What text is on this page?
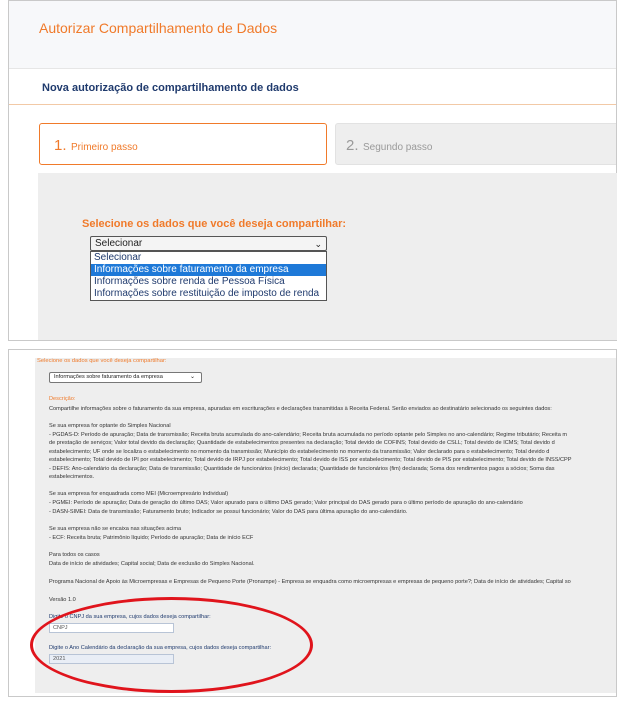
Autorizar Compartilhamento de Dados
Nova autorização de compartilhamento de dados
1. Primeiro passo	2. Segundo passo
Selecione os dados que você deseja compartilhar:
Selecionar	⌄
Selecionar
Informações sobre faturamento da empresa
Informações sobre renda de Pessoa Física
Informações sobre restituição de imposto de renda
Selecione os dados que você deseja compartilhar:
Informações sobre faturamento da empresa	⌄
Descrição:
Compartilhe informações sobre o faturamento da sua empresa, apuradas em escriturações e declarações transmitidas à Receita Federal. Serão enviados ao destinatário selecionado os seguintes dados:
Se sua empresa for optante do Simples Nacional
- PGDAS-D: Período de apuração; Data de transmissão; Receita bruta acumulada do ano-calendário; Receita bruta acumulada no período optante pelo Simples no ano-calendário; Regime tributário; Receita m
de prestação de serviços; Valor total devido da declaração; Quantidade de estabelecimentos presentes na declaração; Total devido de COFINS; Total devido de CSLL; Total devido de ICMS; Total devido d
estabelecimento; UF onde se localiza o estabelecimento no momento da transmissão; Município do estabelecimento no momento da transmissão; Valor declarado para o estabelecimento; Total devido d
estabelecimento; Total devido de IPI por estabelecimento; Total devido de IRPJ por estabelecimento; Total devido de ISS por estabelecimento; Total devido de PIS por estabelecimento; Total devido de INSS/CPP
- DEFIS: Ano-calendário da declaração; Data de transmissão; Quantidade de funcionários (início) declarada; Quantidade de funcionários (fim) declarada; Soma dos rendimentos pagos a sócios; Soma das
estabelecimentos.
Se sua empresa for enquadrada como MEI (Microempresário Individual)
- PGMEI: Período de apuração; Data de geração do último DAS; Valor apurado para o último DAS gerado; Valor principal do DAS gerado para o último período de apuração do ano-calendário
- DASN-SIMEI: Data de transmissão; Faturamento bruto; Indicador se possui funcionário; Valor do DAS para última apuração do ano-calendário.
Se sua empresa não se encaixa nas situações acima
- ECF: Receita bruta; Patrimônio líquido; Período de apuração; Data de início ECF
Para todos os casos
Data de início de atividades; Capital social; Data de exclusão do Simples Nacional.
Programa Nacional de Apoio às Microempresas e Empresas de Pequeno Porte (Pronampe) - Empresa se enquadra como microempresas e empresas de pequeno porte?; Data de início de atividades; Capital so
Versão 1.0
Digite o CNPJ da sua empresa, cujos dados deseja compartilhar:
CNPJ
Digite o Ano Calendário da declaração da sua empresa, cujos dados deseja compartilhar:
2021
